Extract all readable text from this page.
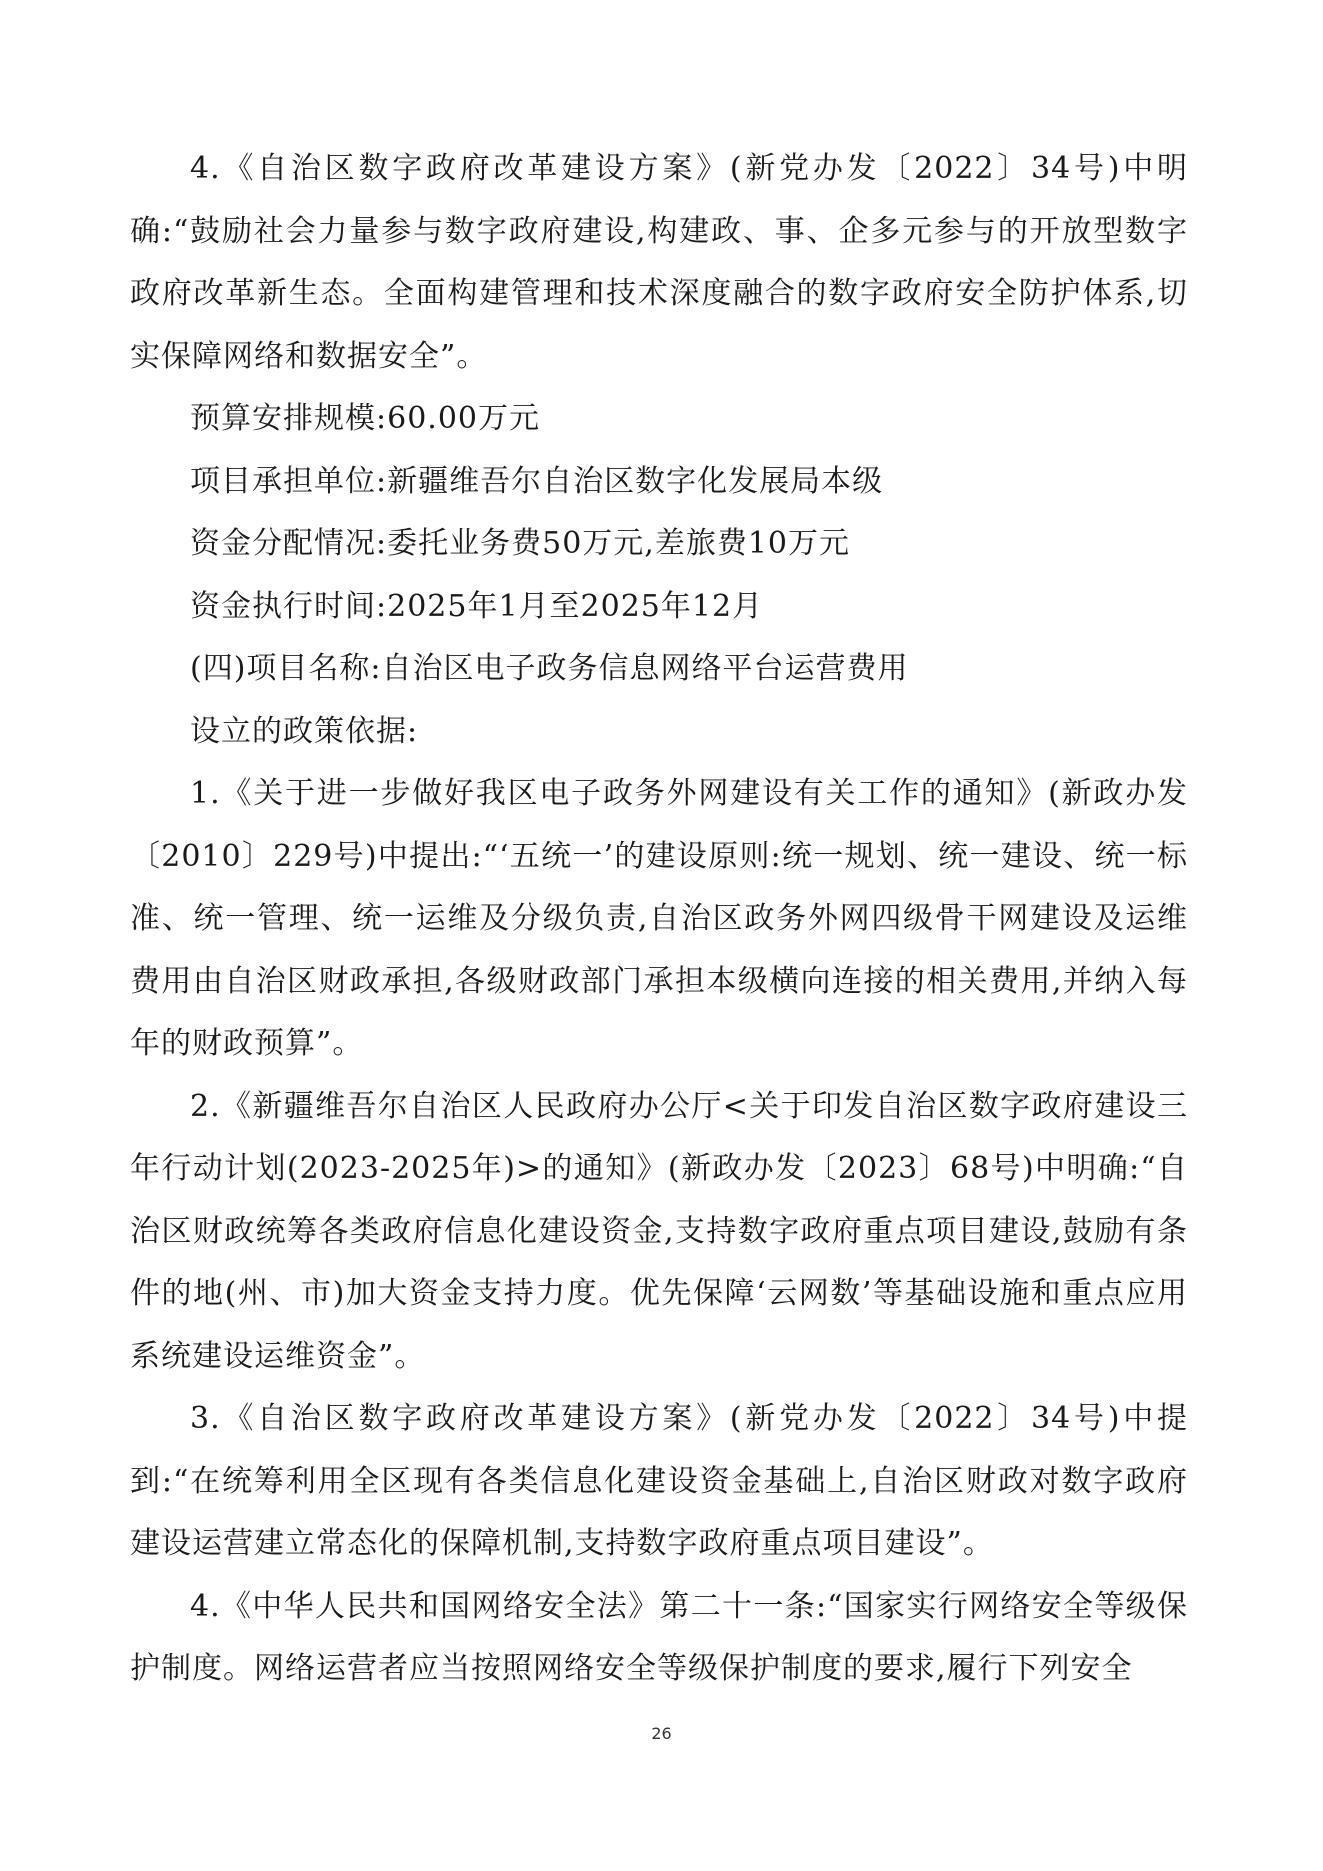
4.《自治区数字政府改革建设方案》(新党办发〔2022〕34号)中明确:“鼓励社会力量参与数字政府建设,构建政、事、企多元参与的开放型数字政府改革新生态。全面构建管理和技术深度融合的数字政府安全防护体系,切实保障网络和数据安全”。

预算安排规模:60.00万元

项目承担单位:新疆维吾尔自治区数字化发展局本级

资金分配情况:委托业务费50万元,差旅费10万元

资金执行时间:2025年1月至2025年12月

(四)项目名称:自治区电子政务信息网络平台运营费用

设立的政策依据:

1.《关于进一步做好我区电子政务外网建设有关工作的通知》(新政办发〔2010〕229号)中提出:“‘五统一’的建设原则:统一规划、统一建设、统一标准、统一管理、统一运维及分级负责,自治区政务外网四级骨干网建设及运维费用由自治区财政承担,各级财政部门承担本级横向连接的相关费用,并纳入每年的财政预算”。

2.《新疆维吾尔自治区人民政府办公厅<关于印发自治区数字政府建设三年行动计划(2023-2025年)>的通知》(新政办发〔2023〕68号)中明确:“自治区财政统筹各类政府信息化建设资金,支持数字政府重点项目建设,鼓励有条件的地(州、市)加大资金支持力度。优先保障‘云网数’等基础设施和重点应用系统建设运维资金”。

3.《自治区数字政府改革建设方案》(新党办发〔2022〕34号)中提到:“在统筹利用全区现有各类信息化建设资金基础上,自治区财政对数字政府建设运营建立常态化的保障机制,支持数字政府重点项目建设”。

4.《中华人民共和国网络安全法》第二十一条:“国家实行网络安全等级保护制度。网络运营者应当按照网络安全等级保护制度的要求,履行下列安全

26
